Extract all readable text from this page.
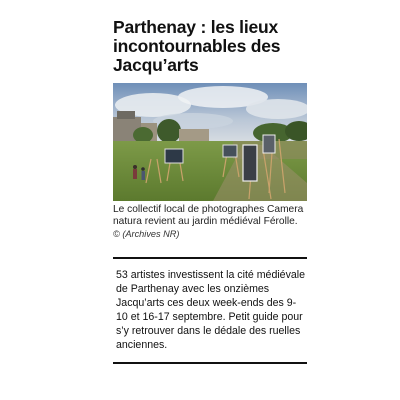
Parthenay : les lieux incontournables des Jacqu’arts

Le collectif local de photographes Camera natura revient au jardin médiéval Férolle.

© (Archives NR)

53 artistes investissent la cité médiévale de Parthenay avec les onzièmes Jacqu’arts ces deux week-ends des 9-10 et 16-17 septembre. Petit guide pour s’y retrouver dans le dédale des ruelles anciennes.
